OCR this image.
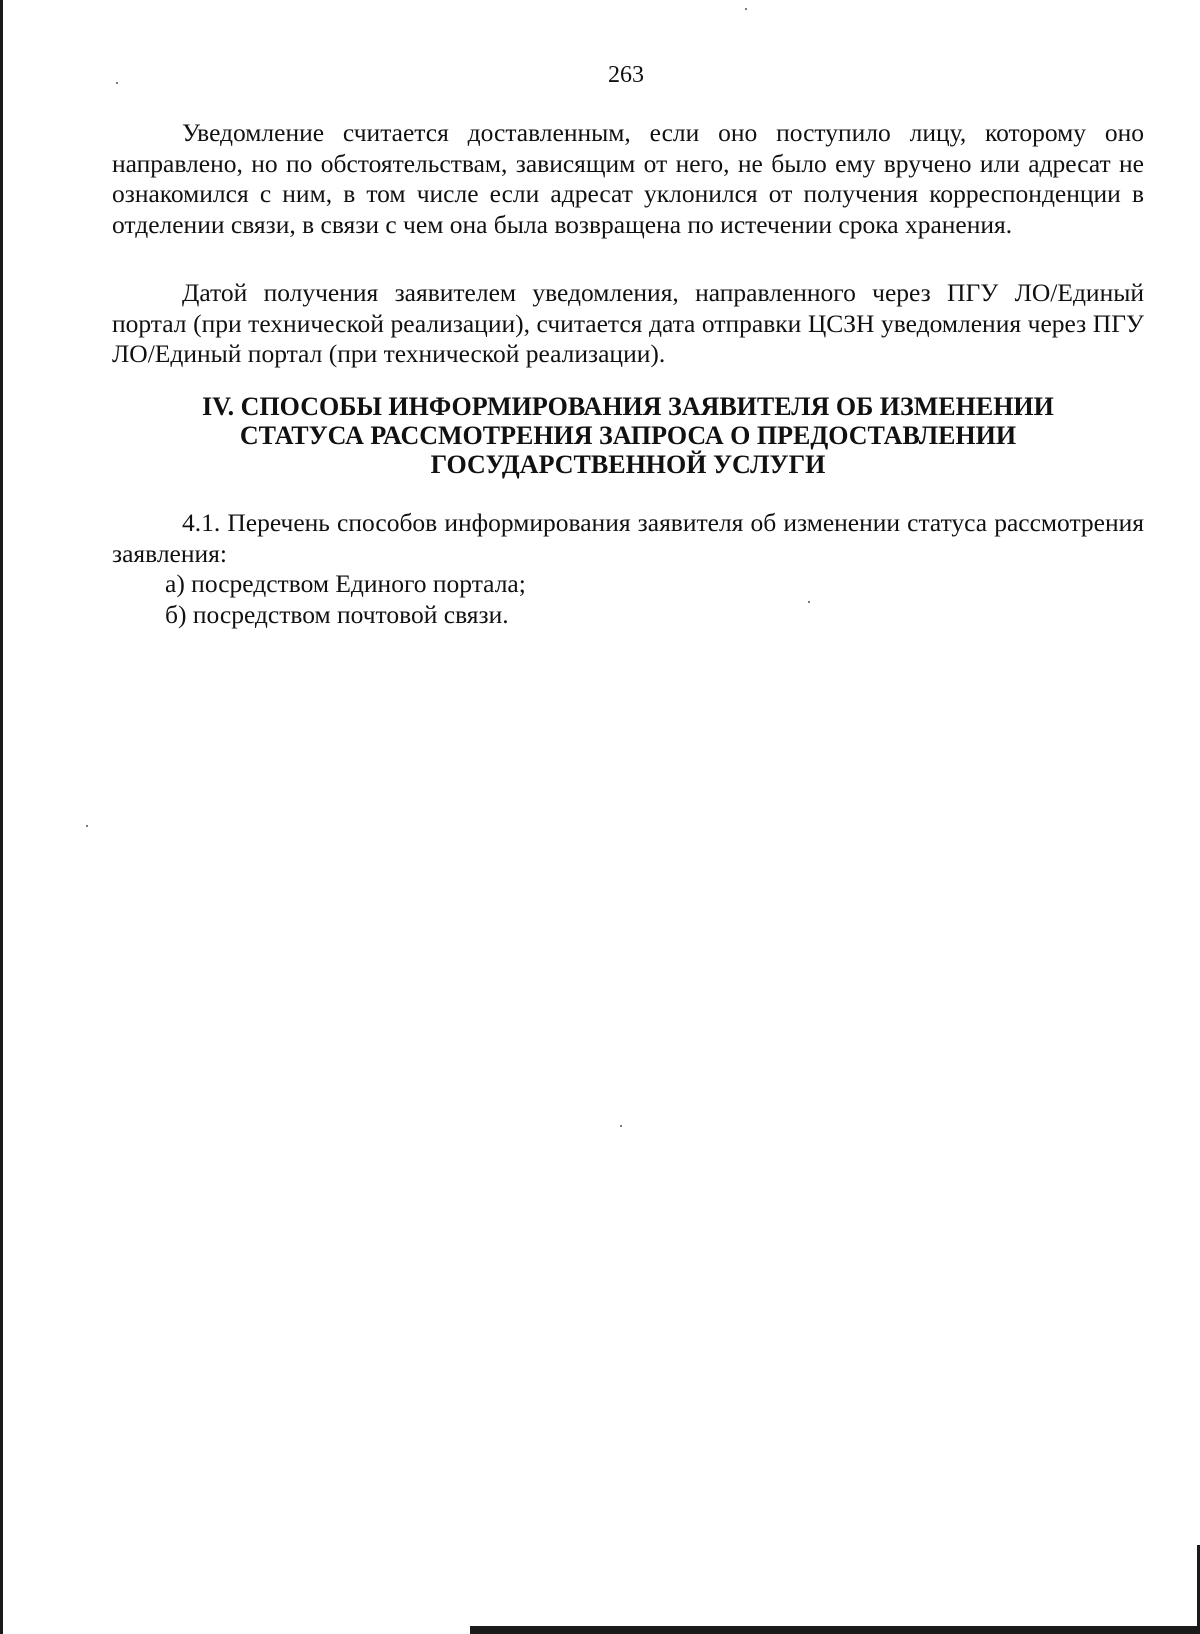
263

Уведомление считается доставленным, если оно поступило лицу, которому оно направлено, но по обстоятельствам, зависящим от него, не было ему вручено или адресат не ознакомился с ним, в том числе если адресат уклонился от получения корреспонденции в отделении связи, в связи с чем она была возвращена по истечении срока хранения.

Датой получения заявителем уведомления, направленного через ПГУ ЛО/Единый портал (при технической реализации), считается дата отправки ЦСЗН уведомления через ПГУ ЛО/Единый портал (при технической реализации).

IV. СПОСОБЫ ИНФОРМИРОВАНИЯ ЗАЯВИТЕЛЯ ОБ ИЗМЕНЕНИИ
СТАТУСА РАССМОТРЕНИЯ ЗАПРОСА О ПРЕДОСТАВЛЕНИИ
ГОСУДАРСТВЕННОЙ УСЛУГИ

4.1. Перечень способов информирования заявителя об изменении статуса рассмотрения заявления:

а) посредством Единого портала;
б) посредством почтовой связи.
